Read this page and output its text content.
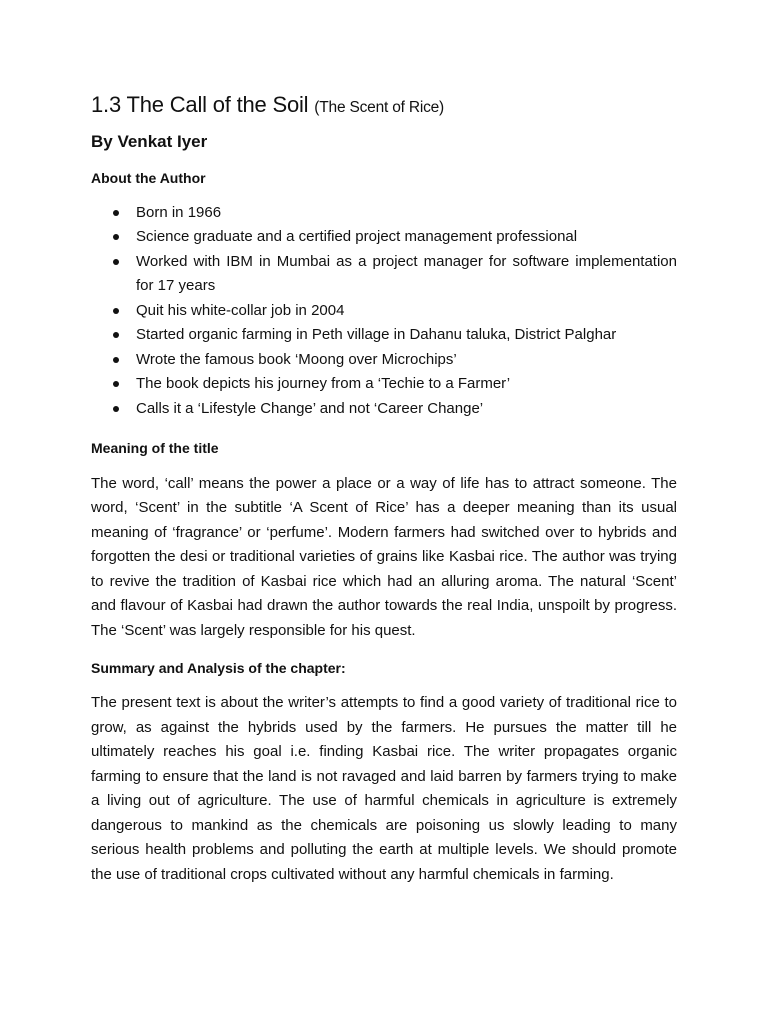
1.3 The Call of the Soil (The Scent of Rice)
By Venkat Iyer
About the Author
Born in 1966
Science graduate and a certified project management professional
Worked with IBM in Mumbai as a project manager for software implementation for 17 years
Quit his white-collar job in 2004
Started organic farming in Peth village in Dahanu taluka, District Palghar
Wrote the famous book ‘Moong over Microchips’
The book depicts his journey from a ‘Techie to a Farmer’
Calls it a ‘Lifestyle Change’ and not ‘Career Change’
Meaning of the title

The word, ‘call’ means the power a place or a way of life has to attract someone. The word, ‘Scent’ in the subtitle ‘A Scent of Rice’ has a deeper meaning than its usual meaning of ‘fragrance’ or ‘perfume’. Modern farmers had switched over to hybrids and forgotten the desi or traditional varieties of grains like Kasbai rice. The author was trying to revive the tradition of Kasbai rice which had an alluring aroma. The natural ‘Scent’ and flavour of Kasbai had drawn the author towards the real India, unspoilt by progress. The ‘Scent’ was largely responsible for his quest.

Summary and Analysis of the chapter:

The present text is about the writer’s attempts to find a good variety of traditional rice to grow, as against the hybrids used by the farmers. He pursues the matter till he ultimately reaches his goal i.e. finding Kasbai rice. The writer propagates organic farming to ensure that the land is not ravaged and laid barren by farmers trying to make a living out of agriculture. The use of harmful chemicals in agriculture is extremely dangerous to mankind as the chemicals are poisoning us slowly leading to many serious health problems and polluting the earth at multiple levels. We should promote the use of traditional crops cultivated without any harmful chemicals in farming.
